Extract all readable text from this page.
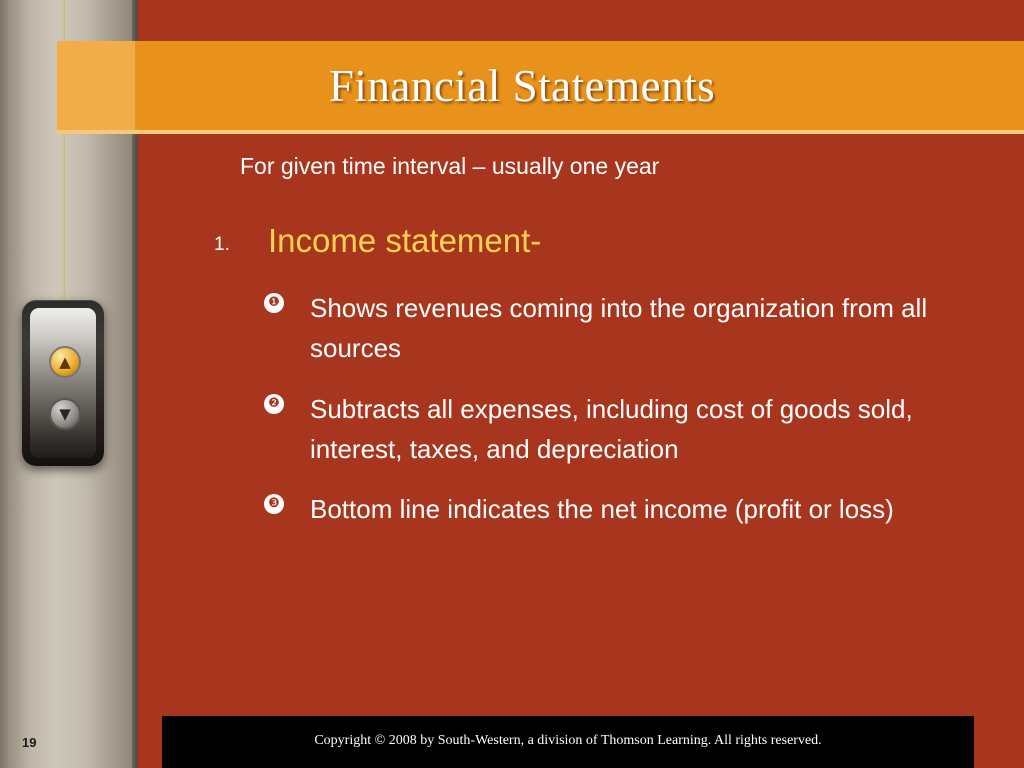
▲
▼
Financial Statements
For given time interval – usually one year
1. Income statement-
❶ Shows revenues coming into the organization from all sources
❷ Subtracts all expenses, including cost of goods sold, interest, taxes, and depreciation
❸ Bottom line indicates the net income (profit or loss)
Copyright © 2008 by South-Western, a division of Thomson Learning. All rights reserved.
19
